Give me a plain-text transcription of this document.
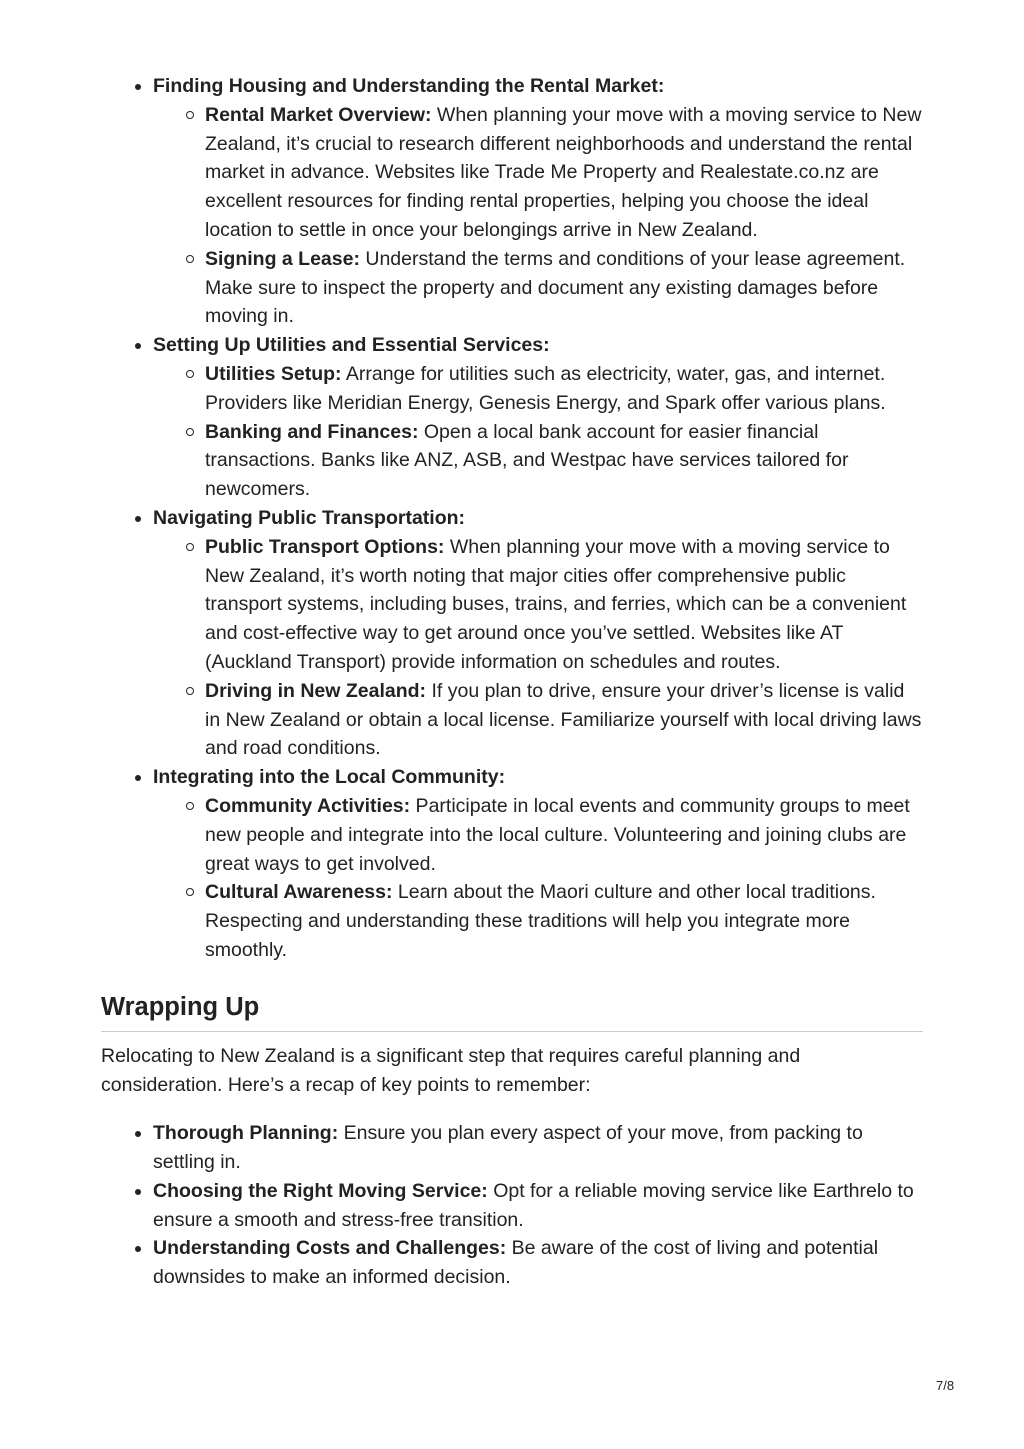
Finding Housing and Understanding the Rental Market:
Rental Market Overview: When planning your move with a moving service to New Zealand, it’s crucial to research different neighborhoods and understand the rental market in advance. Websites like Trade Me Property and Realestate.co.nz are excellent resources for finding rental properties, helping you choose the ideal location to settle in once your belongings arrive in New Zealand.
Signing a Lease: Understand the terms and conditions of your lease agreement. Make sure to inspect the property and document any existing damages before moving in.
Setting Up Utilities and Essential Services:
Utilities Setup: Arrange for utilities such as electricity, water, gas, and internet. Providers like Meridian Energy, Genesis Energy, and Spark offer various plans.
Banking and Finances: Open a local bank account for easier financial transactions. Banks like ANZ, ASB, and Westpac have services tailored for newcomers.
Navigating Public Transportation:
Public Transport Options: When planning your move with a moving service to New Zealand, it’s worth noting that major cities offer comprehensive public transport systems, including buses, trains, and ferries, which can be a convenient and cost-effective way to get around once you’ve settled. Websites like AT (Auckland Transport) provide information on schedules and routes.
Driving in New Zealand: If you plan to drive, ensure your driver’s license is valid in New Zealand or obtain a local license. Familiarize yourself with local driving laws and road conditions.
Integrating into the Local Community:
Community Activities: Participate in local events and community groups to meet new people and integrate into the local culture. Volunteering and joining clubs are great ways to get involved.
Cultural Awareness: Learn about the Maori culture and other local traditions. Respecting and understanding these traditions will help you integrate more smoothly.
Wrapping Up

Relocating to New Zealand is a significant step that requires careful planning and consideration. Here’s a recap of key points to remember:

Thorough Planning: Ensure you plan every aspect of your move, from packing to settling in.
Choosing the Right Moving Service: Opt for a reliable moving service like Earthrelo to ensure a smooth and stress-free transition.
Understanding Costs and Challenges: Be aware of the cost of living and potential downsides to make an informed decision.
7/8
